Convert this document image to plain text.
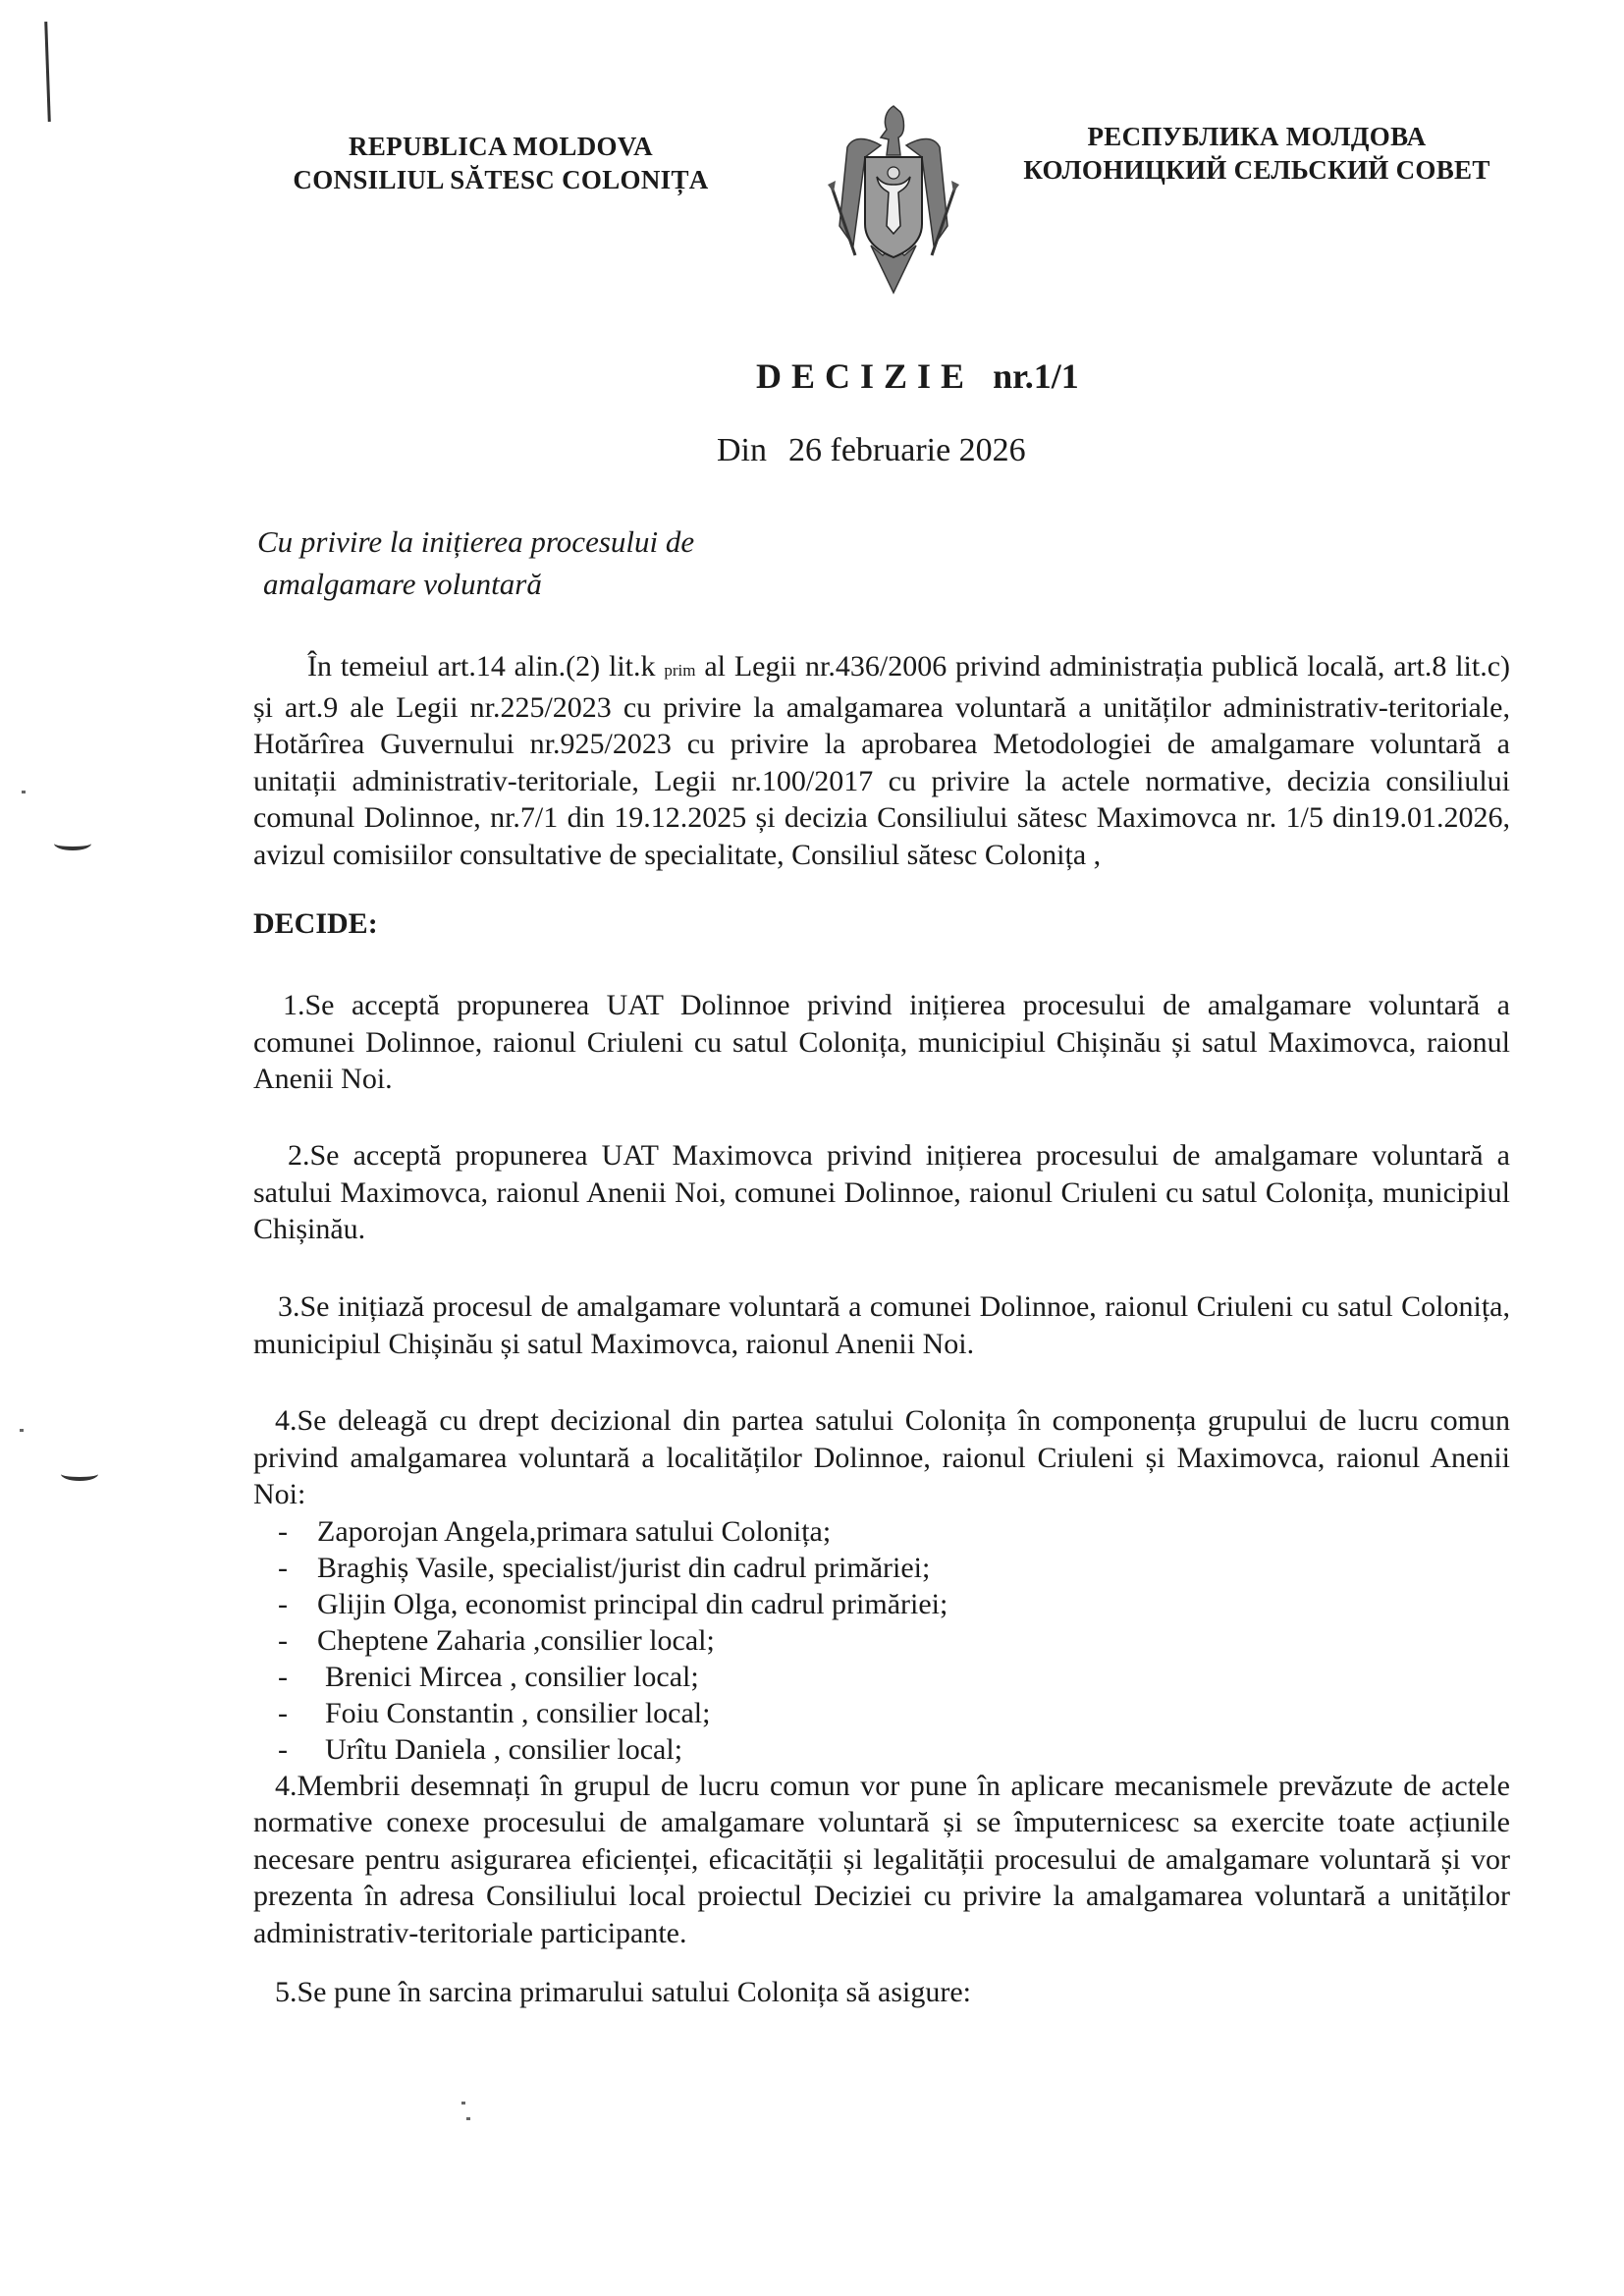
REPUBLICA MOLDOVA
CONSILIUL SĂTESC COLONIȚA
РЕСПУБЛИКА МОЛДОВА
КОЛОНИЦКИЙ СЕЛЬСКИЙ СОВЕТ
DECIZIE nr.1/1
Din 26 februarie 2026
Cu privire la inițierea procesului de
amalgamare voluntară

În temeiul art.14 alin.(2) lit.k prim al Legii nr.436/2006 privind administrația publică locală, art.8 lit.c) și art.9 ale Legii nr.225/2023 cu privire la amalgamarea voluntară a unităților administrativ-teritoriale, Hotărîrea Guvernului nr.925/2023 cu privire la aprobarea Metodologiei de amalgamare voluntară a unitații administrativ-teritoriale, Legii nr.100/2017 cu privire la actele normative, decizia consiliului comunal Dolinnoe, nr.7/1 din 19.12.2025 și decizia Consiliului sătesc Maximovca nr. 1/5 din19.01.2026, avizul comisiilor consultative de specialitate, Consiliul sătesc Colonița ,

DECIDE:

1.Se acceptă propunerea UAT Dolinnoe privind inițierea procesului de amalgamare voluntară a comunei Dolinnoe, raionul Criuleni cu satul Colonița, municipiul Chișinău și satul Maximovca, raionul Anenii Noi.

2.Se acceptă propunerea UAT Maximovca privind inițierea procesului de amalgamare voluntară a satului Maximovca, raionul Anenii Noi, comunei Dolinnoe, raionul Criuleni cu satul Colonița, municipiul Chișinău.

3.Se inițiază procesul de amalgamare voluntară a comunei Dolinnoe, raionul Criuleni cu satul Colonița, municipiul Chișinău și satul Maximovca, raionul Anenii Noi.

4.Se deleagă cu drept decizional din partea satului Colonița în componența grupului de lucru comun privind amalgamarea voluntară a localităților Dolinnoe, raionul Criuleni și Maximovca, raionul Anenii Noi:

- Zaporojan Angela,primara satului Colonița;
- Braghiș Vasile, specialist/jurist din cadrul primăriei;
- Glijin Olga, economist principal din cadrul primăriei;
- Cheptene Zaharia ,consilier local;
- Brenici Mircea , consilier local;
- Foiu Constantin , consilier local;
- Urîtu Daniela , consilier local;

4.Membrii desemnați în grupul de lucru comun vor pune în aplicare mecanismele prevăzute de actele normative conexe procesului de amalgamare voluntară și se împuternicesc sa exercite toate acțiunile necesare pentru asigurarea eficienței, eficacității și legalității procesului de amalgamare voluntară și vor prezenta în adresa Consiliului local proiectul Deciziei cu privire la amalgamarea voluntară a unităților administrativ-teritoriale participante.

5.Se pune în sarcina primarului satului Colonița să asigure:
